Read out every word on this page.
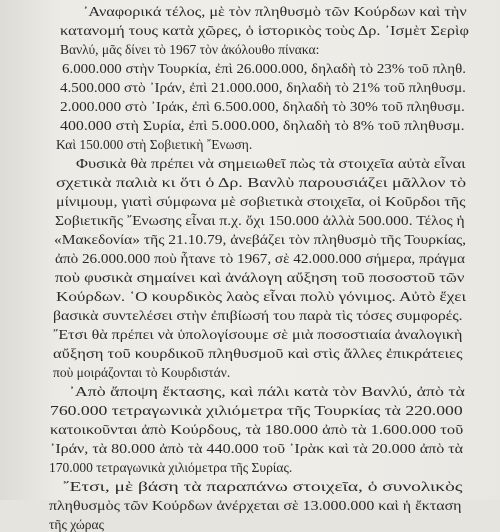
᾿Αναφορικά τέλος, μὲ τὸν πληθυσμὸ τῶν Κούρδων καὶ τὴν
κατανομή τους κατὰ χῶρες, ὁ ἱστορικὸς τοὺς Δρ. ᾿Ισμὲτ Σερὶφ
Βανλύ, μᾶς δίνει τὸ 1967 τὸν ἀκόλουθο πίνακα:
6.000.000 στὴν Τουρκία, ἐπὶ 26.000.000, δηλαδὴ τὸ 23% τοῦ πληθ.
4.500.000 στὸ ᾿Ιράν, ἐπὶ 21.000.000, δηλαδὴ τὸ 21% τοῦ πληθυσμ.
2.000.000 στὸ ᾿Ιράκ, ἐπὶ 6.500.000, δηλαδὴ τὸ 30% τοῦ πληθυσμ.
400.000 στὴ Συρία, ἐπὶ 5.000.000, δηλαδὴ τὸ 8% τοῦ πληθυσμ.
Καὶ 150.000 στὴ Σοβιετικὴ ῎Ενωση.
Φυσικὰ θὰ πρέπει νὰ σημειωθεῖ πὼς τὰ στοιχεῖα αὐτὰ εἶναι
σχετικὰ παλιὰ κι ὅτι ὁ Δρ. Βανλὺ παρουσιάζει μᾶλλον τὸ
μίνιμουμ, γιατὶ σύμφωνα μὲ σοβιετικὰ στοιχεῖα, οἱ Κοῦρδοι τῆς
Σοβιετικῆς ῎Ενωσης εἶναι π.χ. ὄχι 150.000 ἀλλὰ 500.000. Τέλος ἡ
«Μακεδονία» τῆς 21.10.79, ἀνεβάζει τὸν πληθυσμὸ τῆς Τουρκίας,
ἀπὸ 26.000.000 ποὺ ἦτανε τὸ 1967, σὲ 42.000.000 σήμερα, πράγμα
ποὺ φυσικὰ σημαίνει καὶ ἀνάλογη αὔξηση τοῦ ποσοστοῦ τῶν
Κούρδων. ῾Ο κουρδικὸς λαὸς εἶναι πολὺ γόνιμος. Αὐτὸ ἔχει
βασικὰ συντελέσει στὴν ἐπιβίωσή του παρὰ τὶς τόσες συμφορές.
῎Ετσι θὰ πρέπει νὰ ὑπολογίσουμε σὲ μιὰ ποσοστιαία ἀναλογικὴ
αὔξηση τοῦ κουρδικοῦ πληθυσμοῦ καὶ στὶς ἄλλες ἐπικράτειες
ποὺ μοιράζονται τὸ Κουρδιστάν.
᾿Απὸ ἄποψη ἔκτασης, καὶ πάλι κατὰ τὸν Βανλύ, ἀπὸ τὰ
760.000 τετραγωνικὰ χιλιόμετρα τῆς Τουρκίας τὰ 220.000
κατοικοῦνται ἀπὸ Κούρδους, τὰ 180.000 ἀπὸ τὰ 1.600.000 τοῦ
᾿Ιράν, τὰ 80.000 ἀπὸ τὰ 440.000 τοῦ ᾿Ιρὰκ καὶ τὰ 20.000 ἀπὸ τὰ
170.000 τετραγωνικὰ χιλιόμετρα τῆς Συρίας.
῎Ετσι, μὲ βάση τὰ παραπάνω στοιχεῖα, ὁ συνολικὸς
πληθυσμὸς τῶν Κούρδων ἀνέρχεται σὲ 13.000.000 καὶ ἡ ἔκταση
τῆς χώρας
